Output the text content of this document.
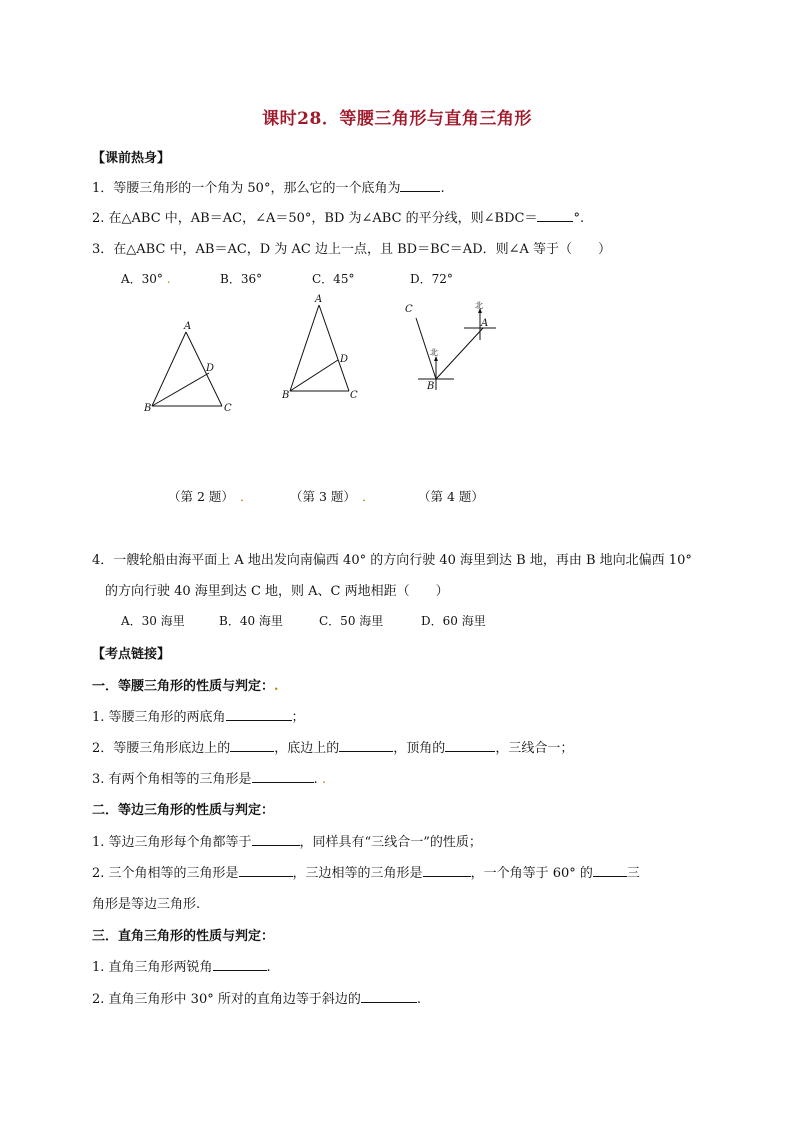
课时28．等腰三角形与直角三角形
【课前热身】
1．等腰三角形的一个角为 50°，那么它的一个底角为	.
2. 在△ABC 中，AB＝AC，∠A＝50°，BD 为∠ABC 的平分线，则∠BDC＝	°.
3．在△ABC 中，AB＝AC，D 为 AC 边上一点，且 BD＝BC＝AD．则∠A 等于（　　）
A．30° .	B．36°	C．45°	D．72°
A
B	C
D
A
B	C
D
C
B
A
北
北
（第 2 题）　．	（第 3 题）　．	（第 4 题）
4．一艘轮船由海平面上 A 地出发向南偏西 40° 的方向行驶 40 海里到达 B 地，再由 B 地向北偏西 10°
的方向行驶 40 海里到达 C 地，则 A、C 两地相距（　　）
A．30 海里	B．40 海里	C．50 海里	D．60 海里
【考点链接】
一．等腰三角形的性质与判定：.
1. 等腰三角形的两底角	；
2．等腰三角形底边上的	，底边上的	，顶角的	，三线合一；
3. 有两个角相等的三角形是	. .
二．等边三角形的性质与判定：
1. 等边三角形每个角都等于	，同样具有“三线合一”的性质；
2. 三个角相等的三角形是	，三边相等的三角形是	，一个角等于 60° 的	三
角形是等边三角形.
三．直角三角形的性质与判定：
1. 直角三角形两锐角	.
2. 直角三角形中 30° 所对的直角边等于斜边的	.
